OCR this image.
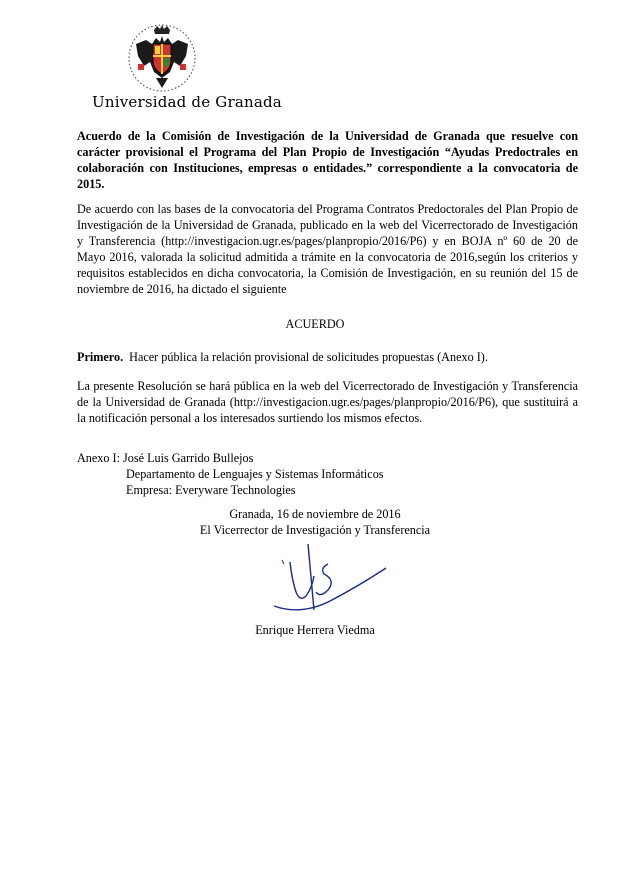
Universidad de Granada
Acuerdo de la Comisión de Investigación de la Universidad de Granada que resuelve con carácter provisional el Programa del Plan Propio de Investigación “Ayudas Predoctrales en colaboración con Instituciones, empresas o entidades.” correspondiente a la convocatoria de 2015.
De acuerdo con las bases de la convocatoria del Programa Contratos Predoctorales del Plan Propio de Investigación de la Universidad de Granada, publicado en la web del Vicerrectorado de Investigación y Transferencia (http://investigacion.ugr.es/pages/planpropio/2016/P6) y en BOJA nº 60 de 20 de Mayo 2016, valorada la solicitud admitida a trámite en la convocatoria de 2016,según los criterios y requisitos establecidos en dicha convocatoria, la Comisión de Investigación, en su reunión del 15 de noviembre de 2016, ha dictado el siguiente
ACUERDO
Primero. Hacer pública la relación provisional de solicitudes propuestas (Anexo I).
La presente Resolución se hará pública en la web del Vicerrectorado de Investigación y Transferencia de la Universidad de Granada (http://investigacion.ugr.es/pages/planpropio/2016/P6), que sustituirá a la notificación personal a los interesados surtiendo los mismos efectos.
Anexo I: José Luis Garrido Bullejos
Departamento de Lenguajes y Sistemas Informáticos
Empresa: Everyware Technologies
Granada, 16 de noviembre de 2016
El Vicerrector de Investigación y Transferencia
Enrique Herrera Viedma
